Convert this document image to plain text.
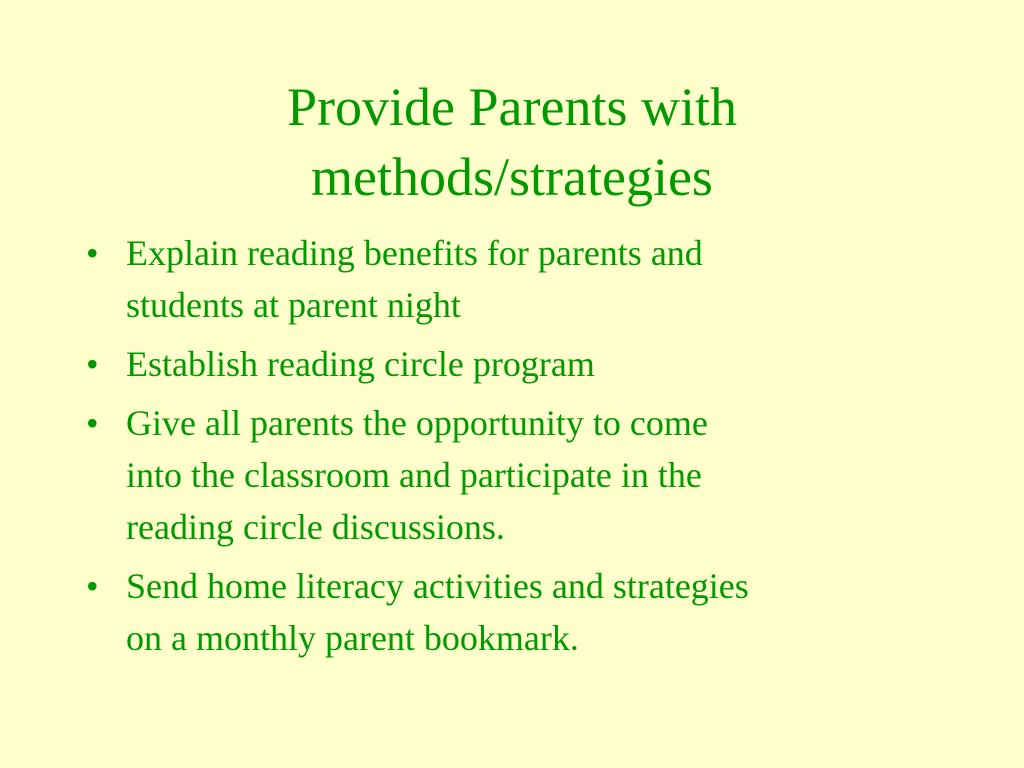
Provide Parents with
methods/strategies
• Explain reading benefits for parents and
students at parent night
• Establish reading circle program
• Give all parents the opportunity to come
into the classroom and participate in the
reading circle discussions.
• Send home literacy activities and strategies
on a monthly parent bookmark.
